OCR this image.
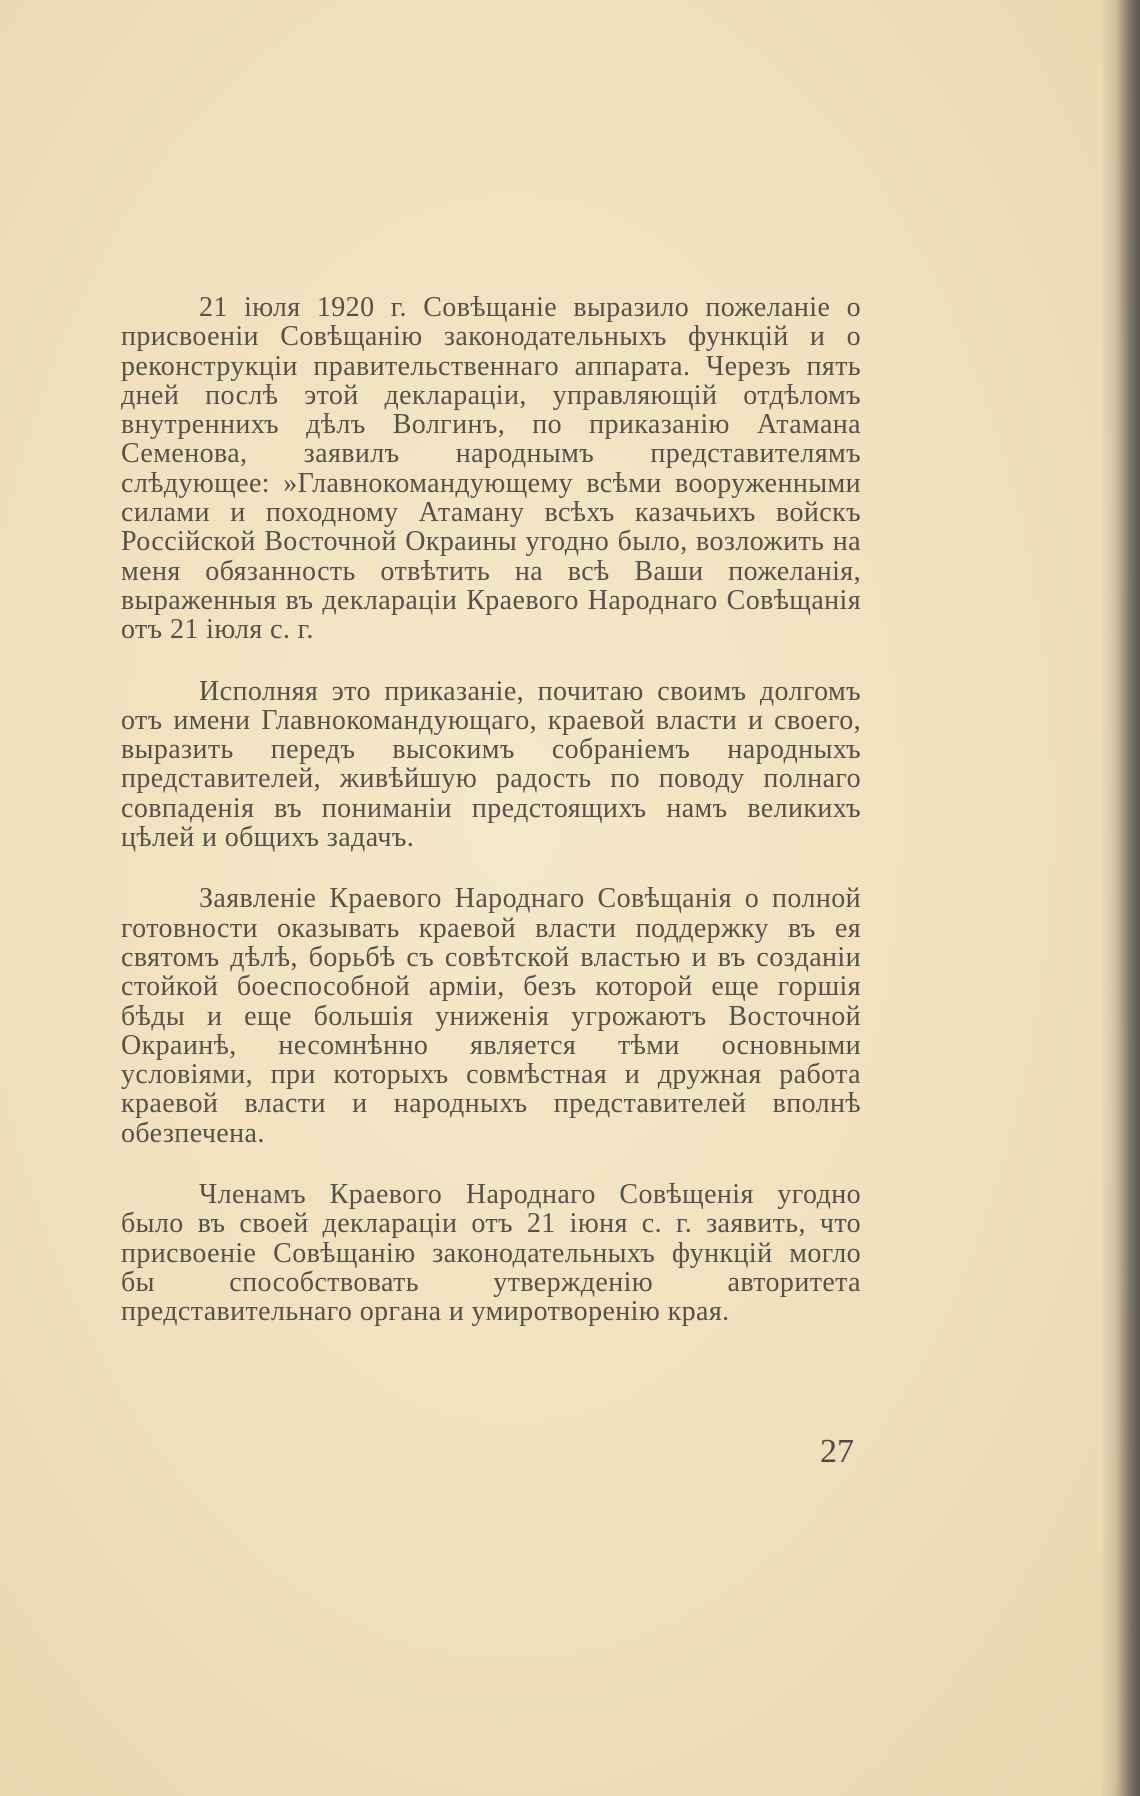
21 іюля 1920 г. Совѣщаніе выразило пожеланіе о присвоеніи Совѣщанію законодательныхъ функцій и о реконструкціи правительственнаго аппарата. Черезъ пять дней послѣ этой деклараціи, управляющій отдѣломъ внутреннихъ дѣлъ Волгинъ, по приказанію Атамана Семенова, заявилъ народнымъ представителямъ слѣдующее: »Главнокомандующему всѣми вооруженными силами и походному Атаману всѣхъ казачьихъ войскъ Россійской Восточной Окраины угодно было, возложить на меня обязанность отвѣтить на всѣ Ваши пожеланія, выраженныя въ деклараціи Краевого Народнаго Совѣщанія отъ 21 іюля с. г.

Исполняя это приказаніе, почитаю своимъ долгомъ отъ имени Главнокомандующаго, краевой власти и своего, выразить передъ высокимъ собраніемъ народныхъ представителей, живѣйшую радость по поводу полнаго совпаденія въ пониманіи предстоящихъ намъ великихъ цѣлей и общихъ задачъ.

Заявленіе Краевого Народнаго Совѣщанія о полной готовности оказывать краевой власти поддержку въ ея святомъ дѣлѣ, борьбѣ съ совѣтской властью и въ созданіи стойкой боеспособной арміи, безъ которой еще горшія бѣды и еще большія униженія угрожаютъ Восточной Окраинѣ, несомнѣнно является тѣми основными условіями, при которыхъ совмѣстная и дружная работа краевой власти и народныхъ представителей вполнѣ обезпечена.

Членамъ Краевого Народнаго Совѣщенія угодно было въ своей деклараціи отъ 21 іюня с. г. заявить, что присвоеніе Совѣщанію законодательныхъ функцій могло бы способствовать утвержденію авторитета представительнаго органа и умиротворенію края.

27
